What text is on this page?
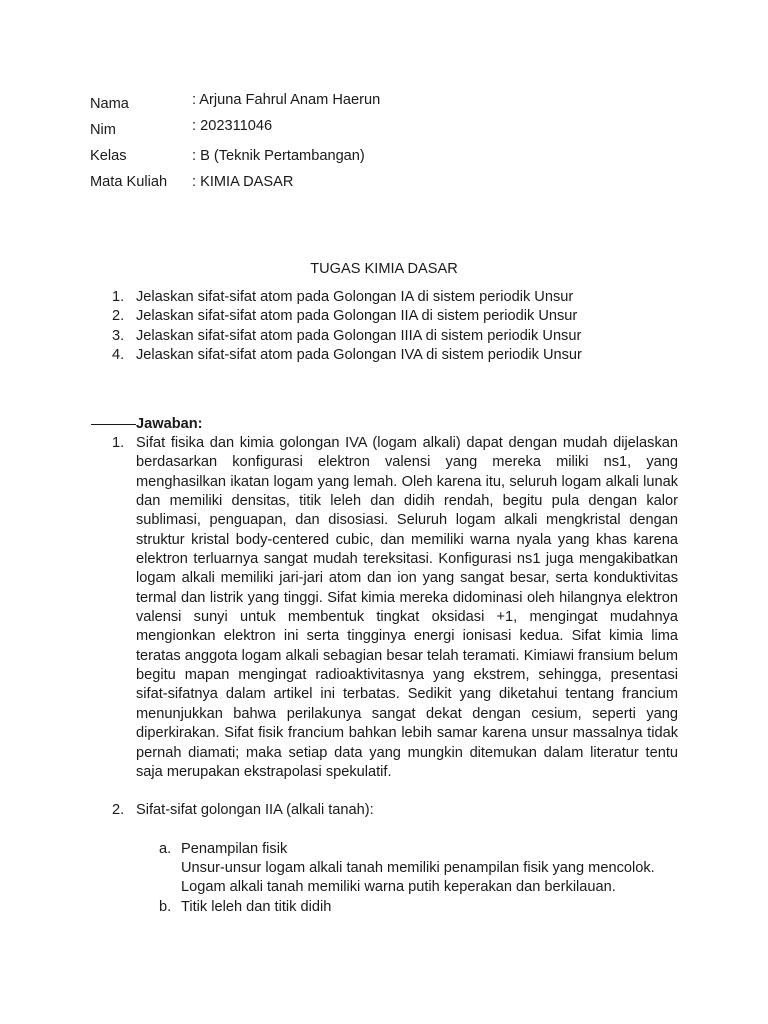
Nama	: Arjuna Fahrul Anam Haerun
Nim	: 202311046
Kelas	: B (Teknik Pertambangan)
Mata Kuliah : KIMIA DASAR
TUGAS KIMIA DASAR
1. Jelaskan sifat-sifat atom pada Golongan IA di sistem periodik Unsur
2. Jelaskan sifat-sifat atom pada Golongan IIA di sistem periodik Unsur
3. Jelaskan sifat-sifat atom pada Golongan IIIA di sistem periodik Unsur
4. Jelaskan sifat-sifat atom pada Golongan IVA di sistem periodik Unsur
Jawaban:
1. Sifat fisika dan kimia golongan IVA (logam alkali) dapat dengan mudah dijelaskan berdasarkan konfigurasi elektron valensi yang mereka miliki ns1, yang menghasilkan ikatan logam yang lemah. Oleh karena itu, seluruh logam alkali lunak dan memiliki densitas, titik leleh dan didih rendah, begitu pula dengan kalor sublimasi, penguapan, dan disosiasi. Seluruh logam alkali mengkristal dengan struktur kristal body-centered cubic, dan memiliki warna nyala yang khas karena elektron terluarnya sangat mudah tereksitasi. Konfigurasi ns1 juga mengakibatkan logam alkali memiliki jari-jari atom dan ion yang sangat besar, serta konduktivitas termal dan listrik yang tinggi. Sifat kimia mereka didominasi oleh hilangnya elektron valensi sunyi untuk membentuk tingkat oksidasi +1, mengingat mudahnya mengionkan elektron ini serta tingginya energi ionisasi kedua. Sifat kimia lima teratas anggota logam alkali sebagian besar telah teramati. Kimiawi fransium belum begitu mapan mengingat radioaktivitasnya yang ekstrem, sehingga, presentasi sifat-sifatnya dalam artikel ini terbatas. Sedikit yang diketahui tentang francium menunjukkan bahwa perilakunya sangat dekat dengan cesium, seperti yang diperkirakan. Sifat fisik francium bahkan lebih samar karena unsur massalnya tidak pernah diamati; maka setiap data yang mungkin ditemukan dalam literatur tentu saja merupakan ekstrapolasi spekulatif.
2. Sifat-sifat golongan IIA (alkali tanah):
a. Penampilan fisik
Unsur-unsur logam alkali tanah memiliki penampilan fisik yang mencolok. Logam alkali tanah memiliki warna putih keperakan dan berkilauan.
b. Titik leleh dan titik didih
